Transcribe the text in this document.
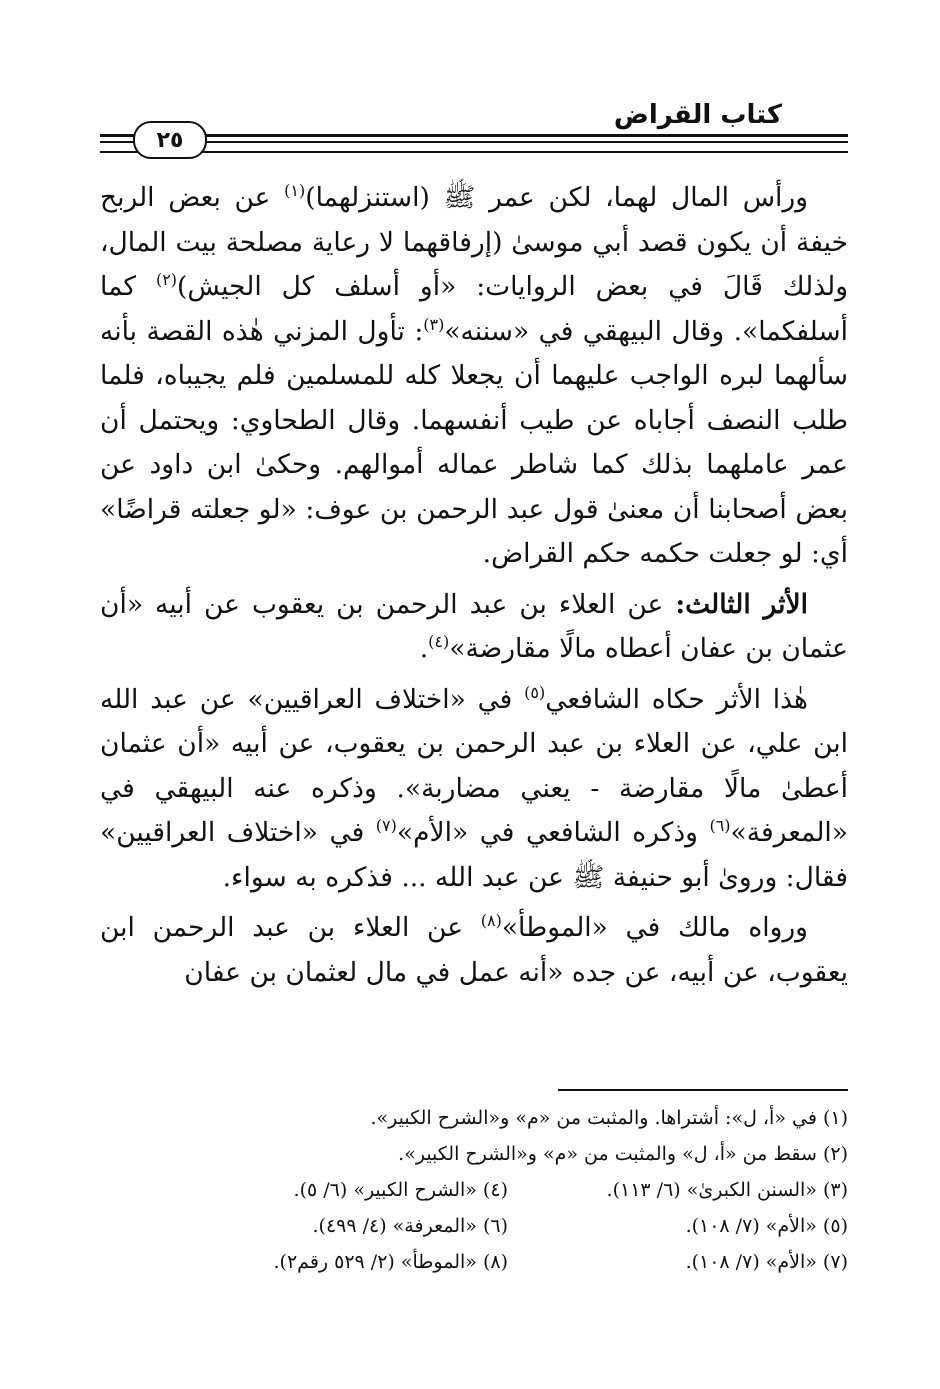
كتاب القراض
٢٥

ورأس المال لهما، لكن عمر ﷺ (استنزلهما)$^{(١)}$ عن بعض الربح خيفة أن يكون قصد أبي موسىٰ (إرفاقهما لا رعاية مصلحة بيت المال، ولذلك قَالَ في بعض الروايات: «أو أسلف كل الجيش)$^{(٢)}$ كما أسلفكما». وقال البيهقي في «سننه»$^{(٣)}$: تأول المزني هٰذه القصة بأنه سألهما لبره الواجب عليهما أن يجعلا كله للمسلمين فلم يجيباه، فلما طلب النصف أجاباه عن طيب أنفسهما. وقال الطحاوي: ويحتمل أن عمر عاملهما بذلك كما شاطر عماله أموالهم. وحكىٰ ابن داود عن بعض أصحابنا أن معنىٰ قول عبد الرحمن بن عوف: «لو جعلته قراضًا» أي: لو جعلت حكمه حكم القراض.

الأثر الثالث: عن العلاء بن عبد الرحمن بن يعقوب عن أبيه «أن عثمان بن عفان أعطاه مالًا مقارضة»$^{(٤)}$.

هٰذا الأثر حكاه الشافعي$^{(٥)}$ في «اختلاف العراقيين» عن عبد الله ابن علي، عن العلاء بن عبد الرحمن بن يعقوب، عن أبيه «أن عثمان أعطىٰ مالًا مقارضة - يعني مضاربة». وذكره عنه البيهقي في «المعرفة»$^{(٦)}$ وذكره الشافعي في «الأم»$^{(٧)}$ في «اختلاف العراقيين» فقال: وروىٰ أبو حنيفة ﷺ عن عبد الله ... فذكره به سواء.

ورواه مالك في «الموطأ»$^{(٨)}$ عن العلاء بن عبد الرحمن ابن يعقوب، عن أبيه، عن جده «أنه عمل في مال لعثمان بن عفان

(١) في «أ، ل»: أشتراها. والمثبت من «م» و«الشرح الكبير».
(٢) سقط من «أ، ل» والمثبت من «م» و«الشرح الكبير».
(٣) «السنن الكبرىٰ» (٦/ ١١٣).
(٤) «الشرح الكبير» (٦/ ٥).
(٥) «الأم» (٧/ ١٠٨).
(٦) «المعرفة» (٤/ ٤٩٩).
(٧) «الأم» (٧/ ١٠٨).
(٨) «الموطأ» (٢/ ٥٢٩ رقم٢).
